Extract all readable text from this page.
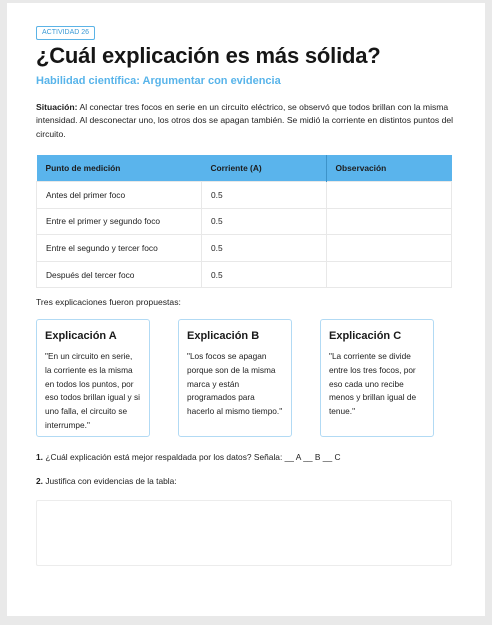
ACTIVIDAD 26
¿Cuál explicación es más sólida?
Habilidad científica: Argumentar con evidencia

Situación: Al conectar tres focos en serie en un circuito eléctrico, se observó que todos brillan con la misma intensidad. Al desconectar uno, los otros dos se apagan también. Se midió la corriente en distintos puntos del circuito.

Punto de medición	Corriente (A)	Observación
Antes del primer foco	0.5	
Entre el primer y segundo foco	0.5	
Entre el segundo y tercer foco	0.5	
Después del tercer foco	0.5	
Tres explicaciones fueron propuestas:
Explicación A
"En un circuito en serie, la corriente es la misma en todos los puntos, por eso todos brillan igual y si uno falla, el circuito se interrumpe."
Explicación B
"Los focos se apagan porque son de la misma marca y están programados para hacerlo al mismo tiempo."
Explicación C
"La corriente se divide entre los tres focos, por eso cada uno recibe menos y brillan igual de tenue."
1. ¿Cuál explicación está mejor respaldada por los datos? Señala: __ A __ B __ C
2. Justifica con evidencias de la tabla:
